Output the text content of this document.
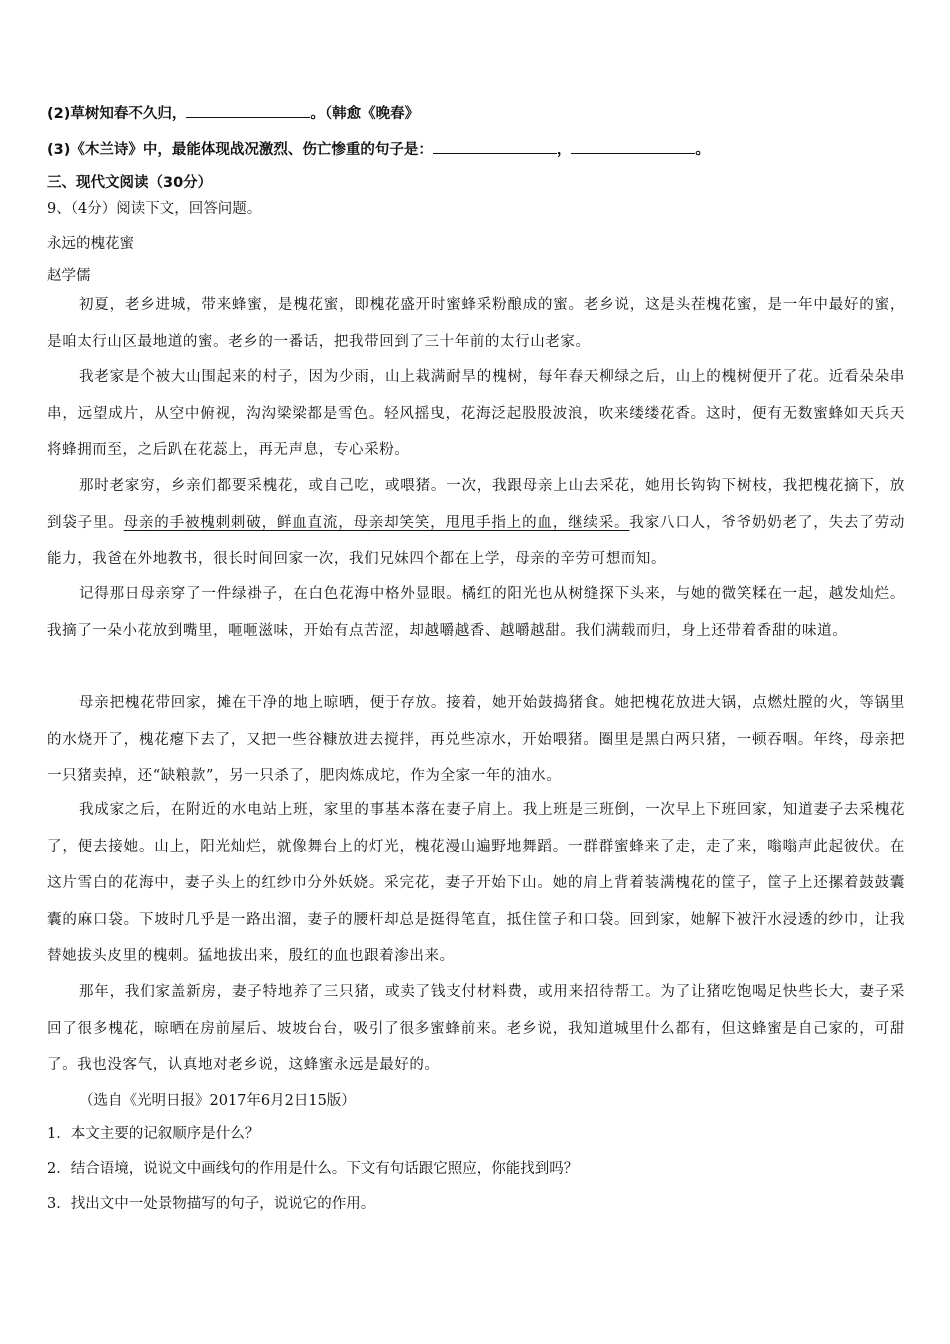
(2)草树知春不久归，	。（韩愈《晚春》
(3)《木兰诗》中，最能体现战况激烈、伤亡惨重的句子是：	，	。
三、现代文阅读（30分）
9、（4分）阅读下文，回答问题。
永远的槐花蜜
赵学儒
初夏，老乡进城，带来蜂蜜，是槐花蜜，即槐花盛开时蜜蜂采粉酿成的蜜。老乡说，这是头茬槐花蜜，是一年中最好的蜜，是咱太行山区最地道的蜜。老乡的一番话，把我带回到了三十年前的太行山老家。
我老家是个被大山围起来的村子，因为少雨，山上栽满耐旱的槐树，每年春天柳绿之后，山上的槐树便开了花。近看朵朵串串，远望成片，从空中俯视，沟沟梁梁都是雪色。轻风摇曳，花海泛起股股波浪，吹来缕缕花香。这时，便有无数蜜蜂如天兵天将蜂拥而至，之后趴在花蕊上，再无声息，专心采粉。
那时老家穷，乡亲们都要采槐花，或自己吃，或喂猪。一次，我跟母亲上山去采花，她用长钩钩下树枝，我把槐花摘下，放到袋子里。母亲的手被槐刺刺破，鲜血直流，母亲却笑笑，甩甩手指上的血，继续采。我家八口人，爷爷奶奶老了，失去了劳动能力，我爸在外地教书，很长时间回家一次，我们兄妹四个都在上学，母亲的辛劳可想而知。
记得那日母亲穿了一件绿褂子，在白色花海中格外显眼。橘红的阳光也从树缝探下头来，与她的微笑糅在一起，越发灿烂。我摘了一朵小花放到嘴里，咂咂滋味，开始有点苦涩，却越嚼越香、越嚼越甜。我们满载而归，身上还带着香甜的味道。
母亲把槐花带回家，摊在干净的地上晾晒，便于存放。接着，她开始鼓捣猪食。她把槐花放进大锅，点燃灶膛的火，等锅里的水烧开了，槐花瘪下去了，又把一些谷糠放进去搅拌，再兑些凉水，开始喂猪。圈里是黑白两只猪，一顿吞咽。年终，母亲把一只猪卖掉，还“缺粮款”，另一只杀了，肥肉炼成坨，作为全家一年的油水。
我成家之后，在附近的水电站上班，家里的事基本落在妻子肩上。我上班是三班倒，一次早上下班回家，知道妻子去采槐花了，便去接她。山上，阳光灿烂，就像舞台上的灯光，槐花漫山遍野地舞蹈。一群群蜜蜂来了走，走了来，嗡嗡声此起彼伏。在这片雪白的花海中，妻子头上的红纱巾分外妖娆。采完花，妻子开始下山。她的肩上背着装满槐花的筐子，筐子上还摞着鼓鼓囊囊的麻口袋。下坡时几乎是一路出溜，妻子的腰杆却总是挺得笔直，抵住筐子和口袋。回到家，她解下被汗水浸透的纱巾，让我替她拔头皮里的槐刺。猛地拔出来，殷红的血也跟着渗出来。
那年，我们家盖新房，妻子特地养了三只猪，或卖了钱支付材料费，或用来招待帮工。为了让猪吃饱喝足快些长大，妻子采回了很多槐花，晾晒在房前屋后、坡坡台台，吸引了很多蜜蜂前来。老乡说，我知道城里什么都有，但这蜂蜜是自己家的，可甜了。我也没客气，认真地对老乡说，这蜂蜜永远是最好的。
（选自《光明日报》2017年6月2日15版）
1．本文主要的记叙顺序是什么？
2．结合语境，说说文中画线句的作用是什么。下文有句话跟它照应，你能找到吗？
3．找出文中一处景物描写的句子，说说它的作用。
